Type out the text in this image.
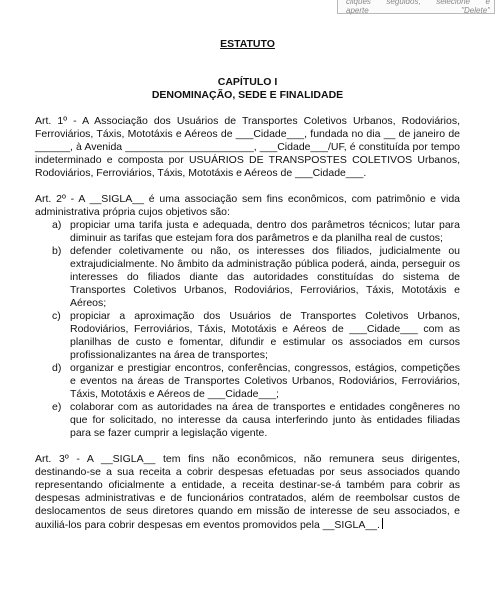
cliques seguidos, selecione e
aperte "Delete"

ESTATUTO

CAPÍTULO I

DENOMINAÇÃO, SEDE E FINALIDADE

Art. 1º - A Associação dos Usuários de Transportes Coletivos Urbanos, Rodoviários, Ferroviários, Táxis, Mototáxis e Aéreos de ___Cidade___, fundada no dia __ de janeiro de ______, à Avenida ______________________, ___Cidade___/UF, é constituída por tempo indeterminado e composta por USUÁRIOS DE TRANSPOSTES COLETIVOS Urbanos, Rodoviários, Ferroviários, Táxis, Mototáxis e Aéreos de ___Cidade___.

Art. 2º - A __SIGLA__ é uma associação sem fins econômicos, com patrimônio e vida administrativa própria cujos objetivos são:

a) propiciar uma tarifa justa e adequada, dentro dos parâmetros técnicos; lutar para diminuir as tarifas que estejam fora dos parâmetros e da planilha real de custos;
b) defender coletivamente ou não, os interesses dos filiados, judicialmente ou extrajudicialmente. No âmbito da administração pública poderá, ainda, perseguir os interesses do filiados diante das autoridades constituídas do sistema de Transportes Coletivos Urbanos, Rodoviários, Ferroviários, Táxis, Mototáxis e Aéreos;
c) propiciar a aproximação dos Usuários de Transportes Coletivos Urbanos, Rodoviários, Ferroviários, Táxis, Mototáxis e Aéreos de ___Cidade___ com as planilhas de custo e fomentar, difundir e estimular os associados em cursos profissionalizantes na área de transportes;
d) organizar e prestigiar encontros, conferências, congressos, estágios, competições e eventos na áreas de Transportes Coletivos Urbanos, Rodoviários, Ferroviários, Táxis, Mototáxis e Aéreos de ___Cidade___;
e) colaborar com as autoridades na área de transportes e entidades congêneres no que for solicitado, no interesse da causa interferindo junto às entidades filiadas para se fazer cumprir a legislação vigente.

Art. 3º - A __SIGLA__ tem fins não econômicos, não remunera seus dirigentes, destinando-se a sua receita a cobrir despesas efetuadas por seus associados quando representando oficialmente a entidade, a receita destinar-se-á também para cobrir as despesas administrativas e de funcionários contratados, além de reembolsar custos de deslocamentos de seus diretores quando em missão de interesse de seu associados, e auxiliá-los para cobrir despesas em eventos promovidos pela __SIGLA__.
